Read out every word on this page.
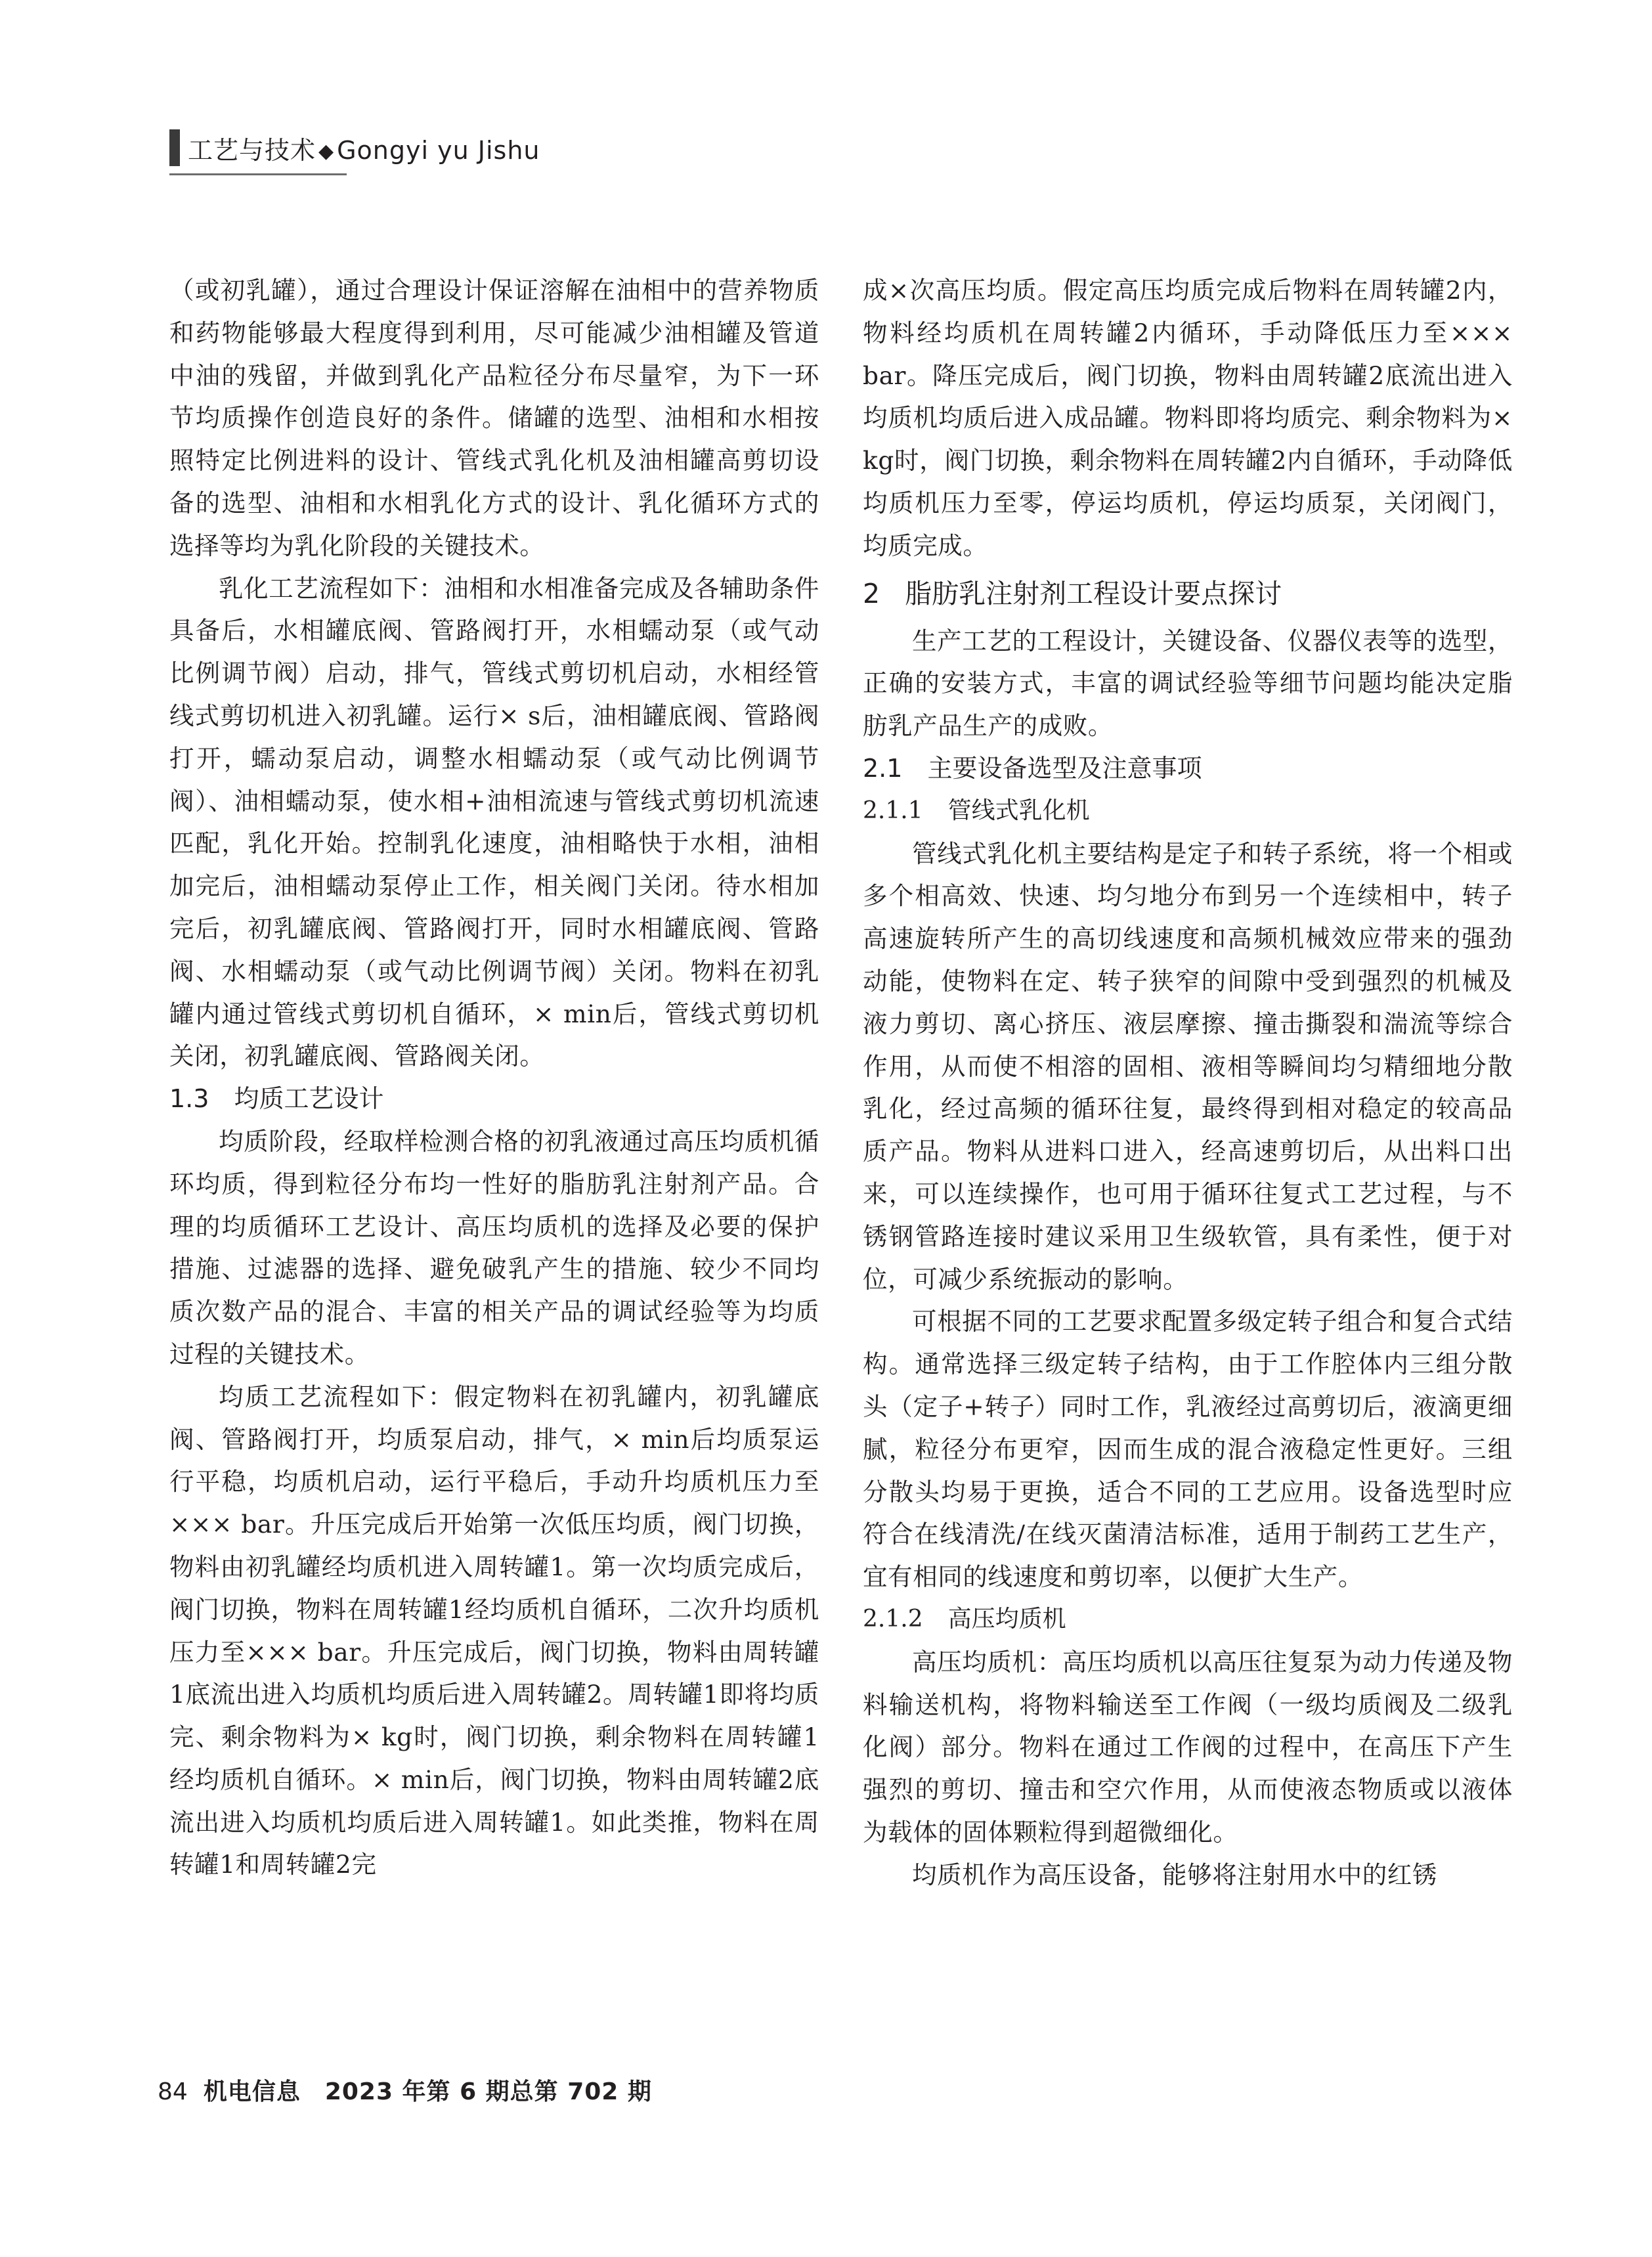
工艺与技术 ◆ Gongyi yu Jishu

（或初乳罐），通过合理设计保证溶解在油相中的营养物质和药物能够最大程度得到利用，尽可能减少油相罐及管道中油的残留，并做到乳化产品粒径分布尽量窄，为下一环节均质操作创造良好的条件。储罐的选型、油相和水相按照特定比例进料的设计、管线式乳化机及油相罐高剪切设备的选型、油相和水相乳化方式的设计、乳化循环方式的选择等均为乳化阶段的关键技术。

乳化工艺流程如下：油相和水相准备完成及各辅助条件具备后，水相罐底阀、管路阀打开，水相蠕动泵（或气动比例调节阀）启动，排气，管线式剪切机启动，水相经管线式剪切机进入初乳罐。运行× s后，油相罐底阀、管路阀打开，蠕动泵启动，调整水相蠕动泵（或气动比例调节阀）、油相蠕动泵，使水相+油相流速与管线式剪切机流速匹配，乳化开始。控制乳化速度，油相略快于水相，油相加完后，油相蠕动泵停止工作，相关阀门关闭。待水相加完后，初乳罐底阀、管路阀打开，同时水相罐底阀、管路阀、水相蠕动泵（或气动比例调节阀）关闭。物料在初乳罐内通过管线式剪切机自循环，× min后，管线式剪切机关闭，初乳罐底阀、管路阀关闭。

1.3 均质工艺设计

均质阶段，经取样检测合格的初乳液通过高压均质机循环均质，得到粒径分布均一性好的脂肪乳注射剂产品。合理的均质循环工艺设计、高压均质机的选择及必要的保护措施、过滤器的选择、避免破乳产生的措施、较少不同均质次数产品的混合、丰富的相关产品的调试经验等为均质过程的关键技术。

均质工艺流程如下：假定物料在初乳罐内，初乳罐底阀、管路阀打开，均质泵启动，排气，× min后均质泵运行平稳，均质机启动，运行平稳后，手动升均质机压力至××× bar。升压完成后开始第一次低压均质，阀门切换，物料由初乳罐经均质机进入周转罐1。第一次均质完成后，阀门切换，物料在周转罐1经均质机自循环，二次升均质机压力至××× bar。升压完成后，阀门切换，物料由周转罐1底流出进入均质机均质后进入周转罐2。周转罐1即将均质完、剩余物料为× kg时，阀门切换，剩余物料在周转罐1经均质机自循环。× min后，阀门切换，物料由周转罐2底流出进入均质机均质后进入周转罐1。如此类推，物料在周转罐1和周转罐2完

成×次高压均质。假定高压均质完成后物料在周转罐2内，物料经均质机在周转罐2内循环，手动降低压力至××× bar。降压完成后，阀门切换，物料由周转罐2底流出进入均质机均质后进入成品罐。物料即将均质完、剩余物料为× kg时，阀门切换，剩余物料在周转罐2内自循环，手动降低均质机压力至零，停运均质机，停运均质泵，关闭阀门，均质完成。

2 脂肪乳注射剂工程设计要点探讨

生产工艺的工程设计，关键设备、仪器仪表等的选型，正确的安装方式，丰富的调试经验等细节问题均能决定脂肪乳产品生产的成败。

2.1 主要设备选型及注意事项
2.1.1 管线式乳化机

管线式乳化机主要结构是定子和转子系统，将一个相或多个相高效、快速、均匀地分布到另一个连续相中，转子高速旋转所产生的高切线速度和高频机械效应带来的强劲动能，使物料在定、转子狭窄的间隙中受到强烈的机械及液力剪切、离心挤压、液层摩擦、撞击撕裂和湍流等综合作用，从而使不相溶的固相、液相等瞬间均匀精细地分散乳化，经过高频的循环往复，最终得到相对稳定的较高品质产品。物料从进料口进入，经高速剪切后，从出料口出来，可以连续操作，也可用于循环往复式工艺过程，与不锈钢管路连接时建议采用卫生级软管，具有柔性，便于对位，可减少系统振动的影响。

可根据不同的工艺要求配置多级定转子组合和复合式结构。通常选择三级定转子结构，由于工作腔体内三组分散头（定子+转子）同时工作，乳液经过高剪切后，液滴更细腻，粒径分布更窄，因而生成的混合液稳定性更好。三组分散头均易于更换，适合不同的工艺应用。设备选型时应符合在线清洗/在线灭菌清洁标准，适用于制药工艺生产，宜有相同的线速度和剪切率，以便扩大生产。

2.1.2 高压均质机

高压均质机：高压均质机以高压往复泵为动力传递及物料输送机构，将物料输送至工作阀（一级均质阀及二级乳化阀）部分。物料在通过工作阀的过程中，在高压下产生强烈的剪切、撞击和空穴作用，从而使液态物质或以液体为载体的固体颗粒得到超微细化。

均质机作为高压设备，能够将注射用水中的红锈

84 机电信息　2023 年第 6 期总第 702 期
